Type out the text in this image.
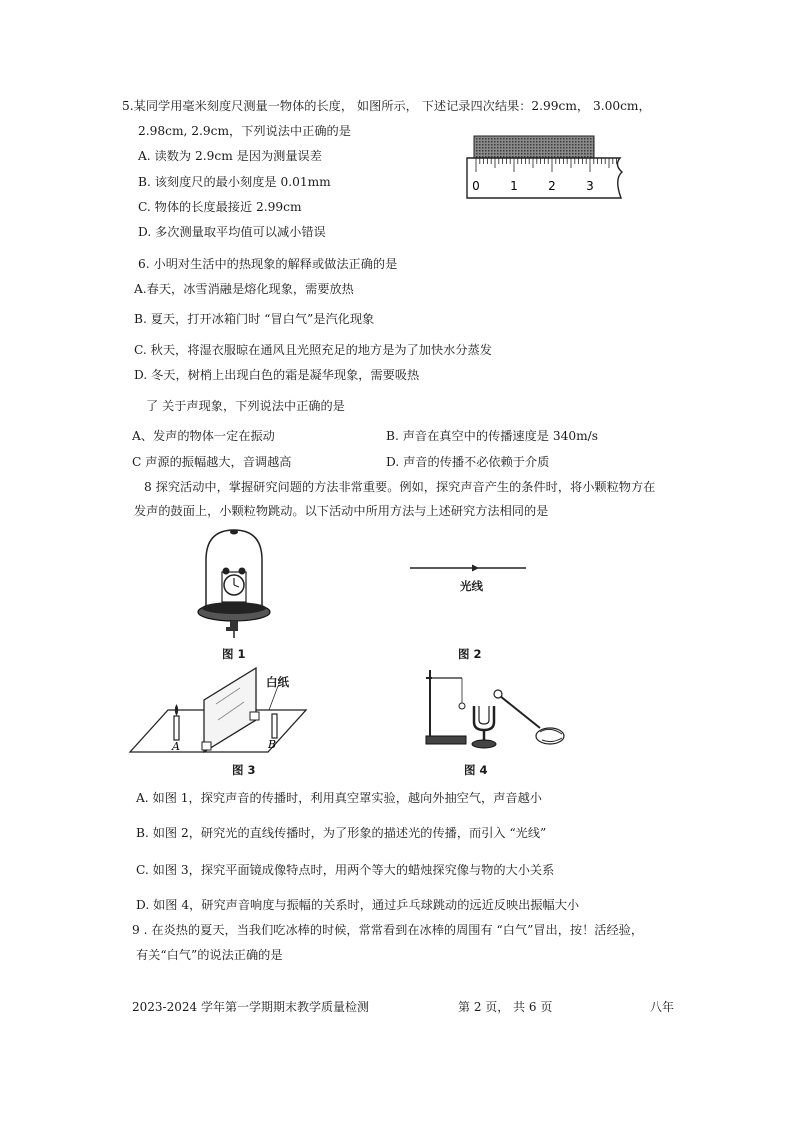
5.某同学用毫米刻度尺测量一物体的长度， 如图所示， 下述记录四次结果：2.99cm， 3.00cm，
2.98cm, 2.9cm，下列说法中正确的是
A. 读数为 2.9cm 是因为测量误差
B. 该刻度尺的最小刻度是 0.01mm
C. 物体的长度最接近 2.99cm
D. 多次测量取平均值可以减小错误
0	1	2	3
6. 小明对生活中的热现象的解释或做法正确的是
A.春天，冰雪消融是熔化现象，需要放热
B. 夏天，打开冰箱门时 “冒白气”是汽化现象
C. 秋天，将湿衣服晾在通风且光照充足的地方是为了加快水分蒸发
D. 冬天，树梢上出现白色的霜是凝华现象，需要吸热
了 关于声现象，下列说法中正确的是
A、发声的物体一定在振动	B. 声音在真空中的传播速度是 340m/s
C 声源的振幅越大，音调越高	D. 声音的传播不必依赖于介质
8 探究活动中，掌握研究问题的方法非常重要。例如，探究声音产生的条件时，将小颗粒物方在
发声的鼓面上，小颗粒物跳动。以下活动中所用方法与上述研究方法相同的是
图 1
光线
图 2
A	B
白纸
图 3	图 4
A. 如图 1，探究声音的传播时，利用真空罩实验，越向外抽空气，声音越小
B. 如图 2，研究光的直线传播时，为了形象的描述光的传播，而引入 “光线”
C. 如图 3，探究平面镜成像特点时，用两个等大的蜡烛探究像与物的大小关系
D. 如图 4，研究声音响度与振幅的关系时，通过乒乓球跳动的远近反映出振幅大小
9 . 在炎热的夏天，当我们吃冰棒的时候，常常看到在冰棒的周围有 “白气”冒出，按！活经验，
有关“白气”的说法正确的是
2023-2024 学年第一学期期末教学质量检测	第 2 页， 共 6 页	八年
